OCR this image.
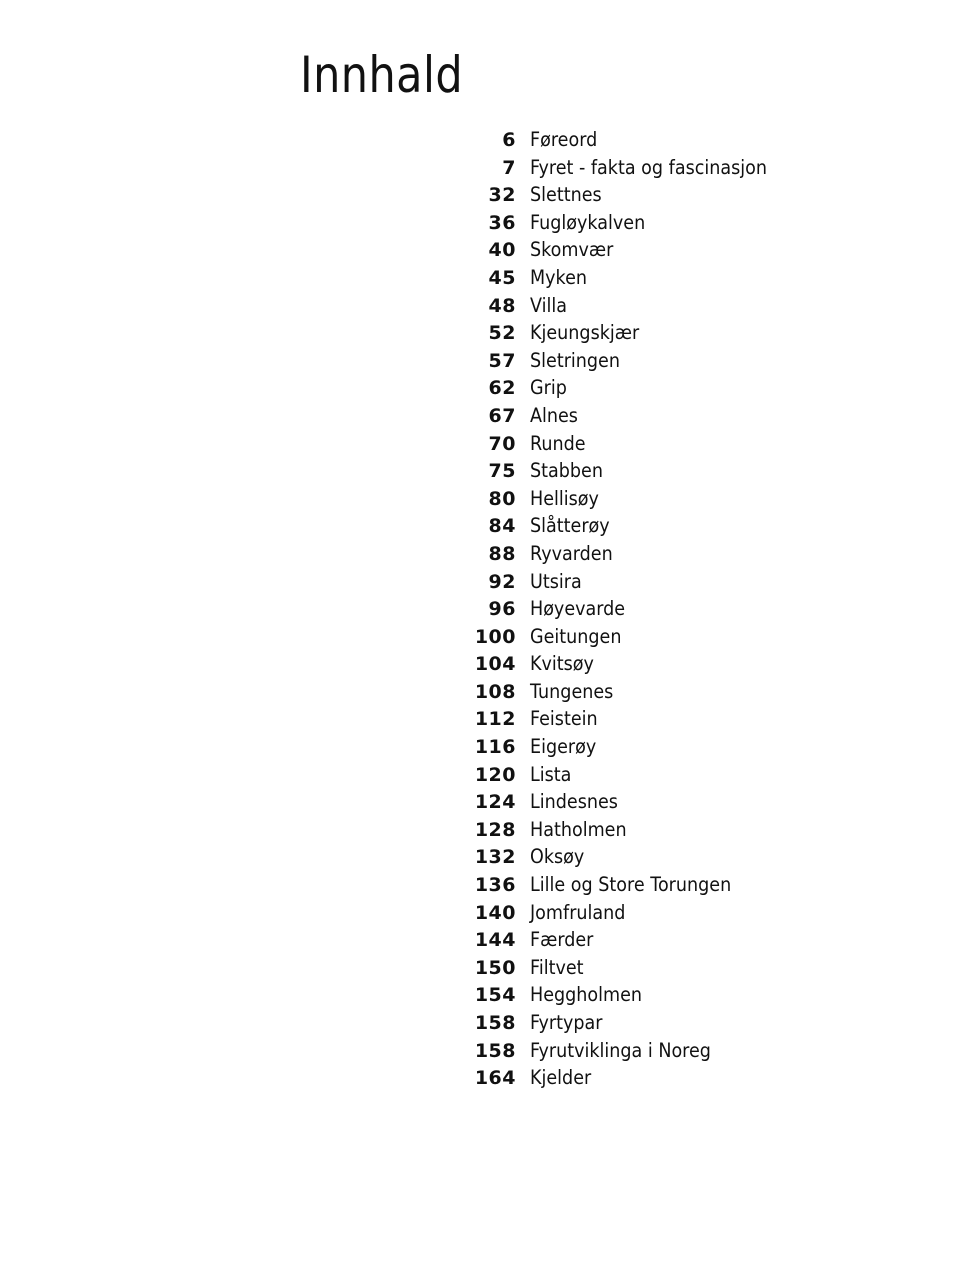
Innhald
6 Føreord
7 Fyret - fakta og fascinasjon
32 Slettnes
36 Fugløykalven
40 Skomvær
45 Myken
48 Villa
52 Kjeungskjær
57 Sletringen
62 Grip
67 Alnes
70 Runde
75 Stabben
80 Hellisøy
84 Slåtterøy
88 Ryvarden
92 Utsira
96 Høyevarde
100 Geitungen
104 Kvitsøy
108 Tungenes
112 Feistein
116 Eigerøy
120 Lista
124 Lindesnes
128 Hatholmen
132 Oksøy
136 Lille og Store Torungen
140 Jomfruland
144 Færder
150 Filtvet
154 Heggholmen
158 Fyrtypar
158 Fyrutviklinga i Noreg
164 Kjelder
